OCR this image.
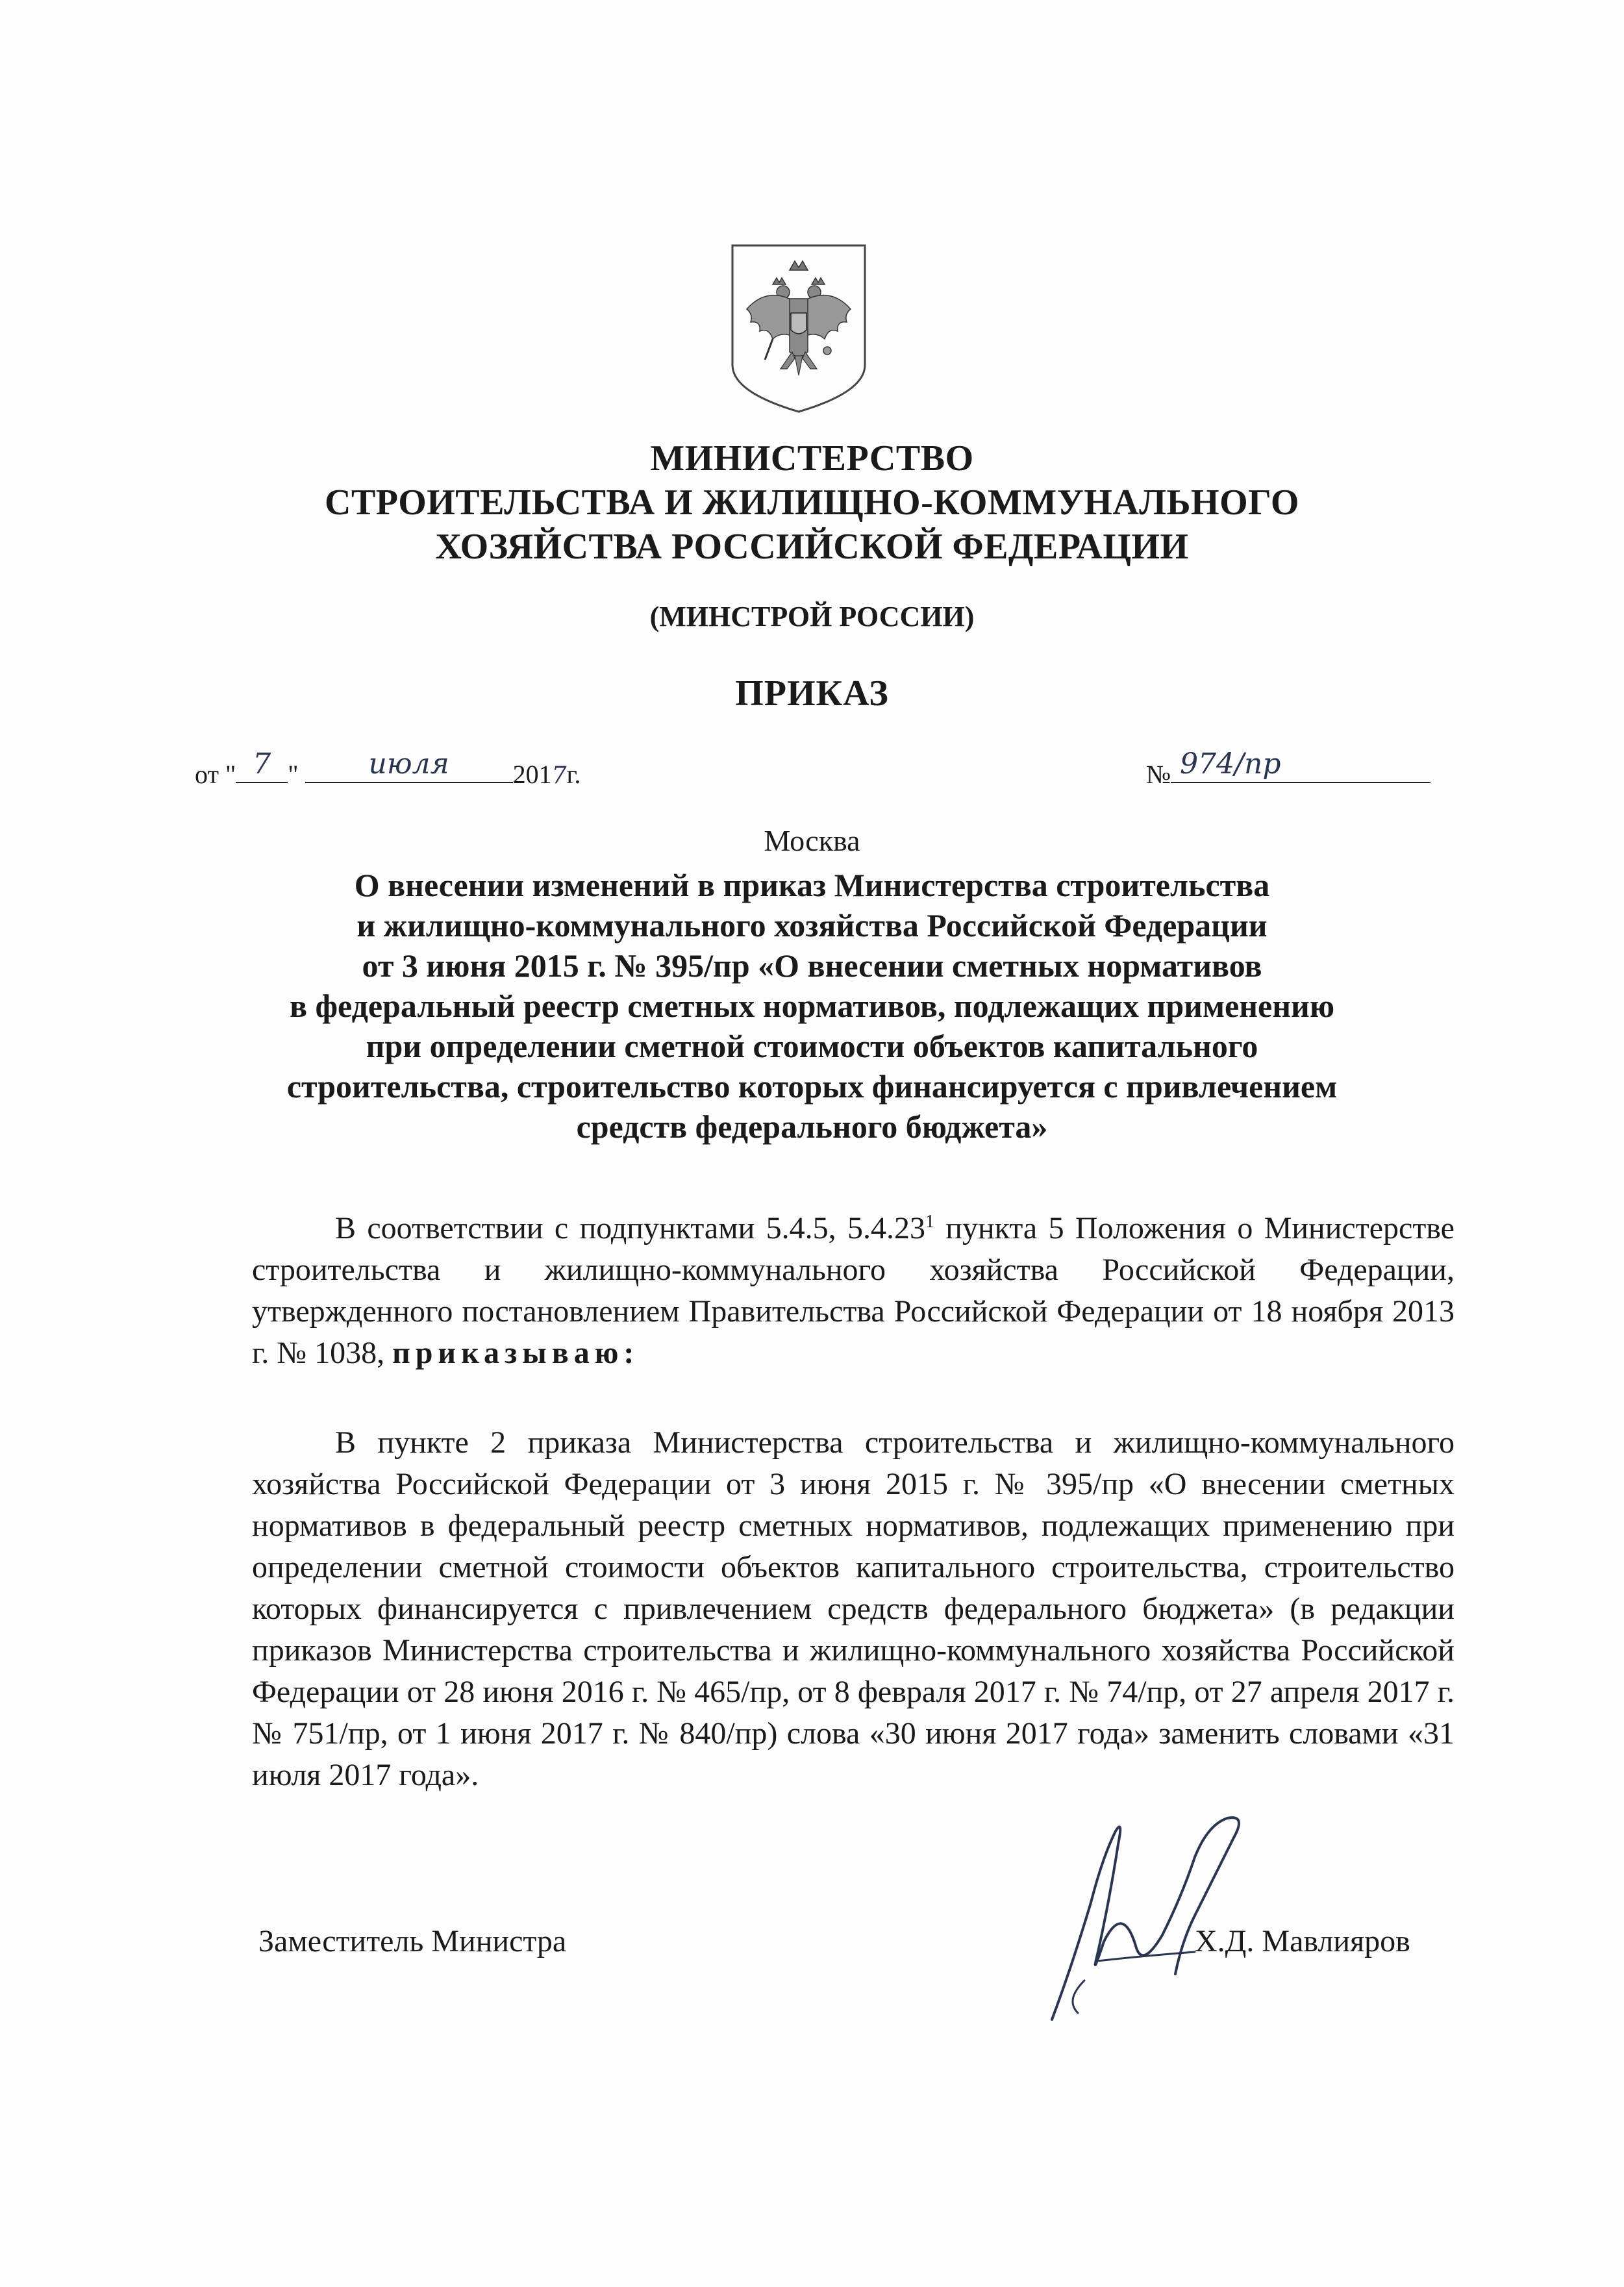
МИНИСТЕРСТВО
СТРОИТЕЛЬСТВА И ЖИЛИЩНО-КОММУНАЛЬНОГО
ХОЗЯЙСТВА РОССИЙСКОЙ ФЕДЕРАЦИИ
(МИНСТРОЙ РОССИИ)
ПРИКАЗ
от " 7 "	июля	2017г.	№ 974/пр
Москва
О внесении изменений в приказ Министерства строительства
и жилищно-коммунального хозяйства Российской Федерации
от 3 июня 2015 г. № 395/пр «О внесении сметных нормативов
в федеральный реестр сметных нормативов, подлежащих применению
при определении сметной стоимости объектов капитального
строительства, строительство которых финансируется с привлечением
средств федерального бюджета»
В соответствии с подпунктами 5.4.5, 5.4.23$^1$ пункта 5 Положения о Министерстве строительства и жилищно-коммунального хозяйства Российской Федерации, утвержденного постановлением Правительства Российской Федерации от 18 ноября 2013 г. № 1038, приказываю:
В пункте 2 приказа Министерства строительства и жилищно-коммунального хозяйства Российской Федерации от 3 июня 2015 г. № 395/пр «О внесении сметных нормативов в федеральный реестр сметных нормативов, подлежащих применению при определении сметной стоимости объектов капитального строительства, строительство которых финансируется с привлечением средств федерального бюджета» (в редакции приказов Министерства строительства и жилищно-коммунального хозяйства Российской Федерации от 28 июня 2016 г. № 465/пр, от 8 февраля 2017 г. № 74/пр, от 27 апреля 2017 г. № 751/пр, от 1 июня 2017 г. № 840/пр) слова «30 июня 2017 года» заменить словами «31 июля 2017 года».
Заместитель Министра	Х.Д. Мавлияров
